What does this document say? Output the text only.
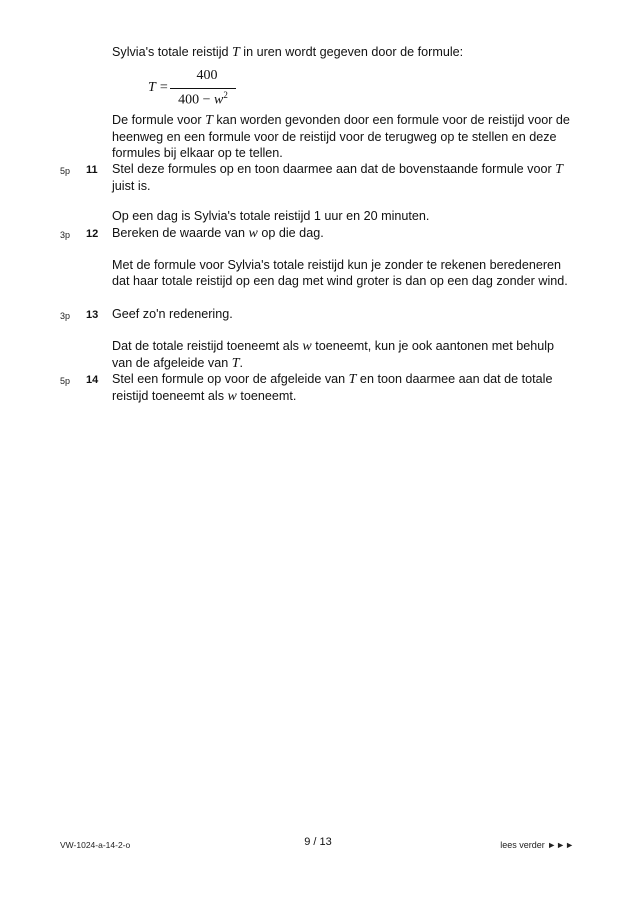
Sylvia's totale reistijd T in uren wordt gegeven door de formule:
T =
400
$400 - w^2$
De formule voor T kan worden gevonden door een formule voor de reistijd voor de heenweg en een formule voor de reistijd voor de terugweg op te stellen en deze formules bij elkaar op te tellen.
5p 11 Stel deze formules op en toon daarmee aan dat de bovenstaande formule voor T juist is.
Op een dag is Sylvia's totale reistijd 1 uur en 20 minuten.
3p 12 Bereken de waarde van w op die dag.
Met de formule voor Sylvia's totale reistijd kun je zonder te rekenen beredeneren dat haar totale reistijd op een dag met wind groter is dan op een dag zonder wind.
3p 13 Geef zo'n redenering.
Dat de totale reistijd toeneemt als w toeneemt, kun je ook aantonen met behulp van de afgeleide van T.
5p 14 Stel een formule op voor de afgeleide van T en toon daarmee aan dat de totale reistijd toeneemt als w toeneemt.
VW-1024-a-14-2-o	9 / 13	lees verder ►►►
